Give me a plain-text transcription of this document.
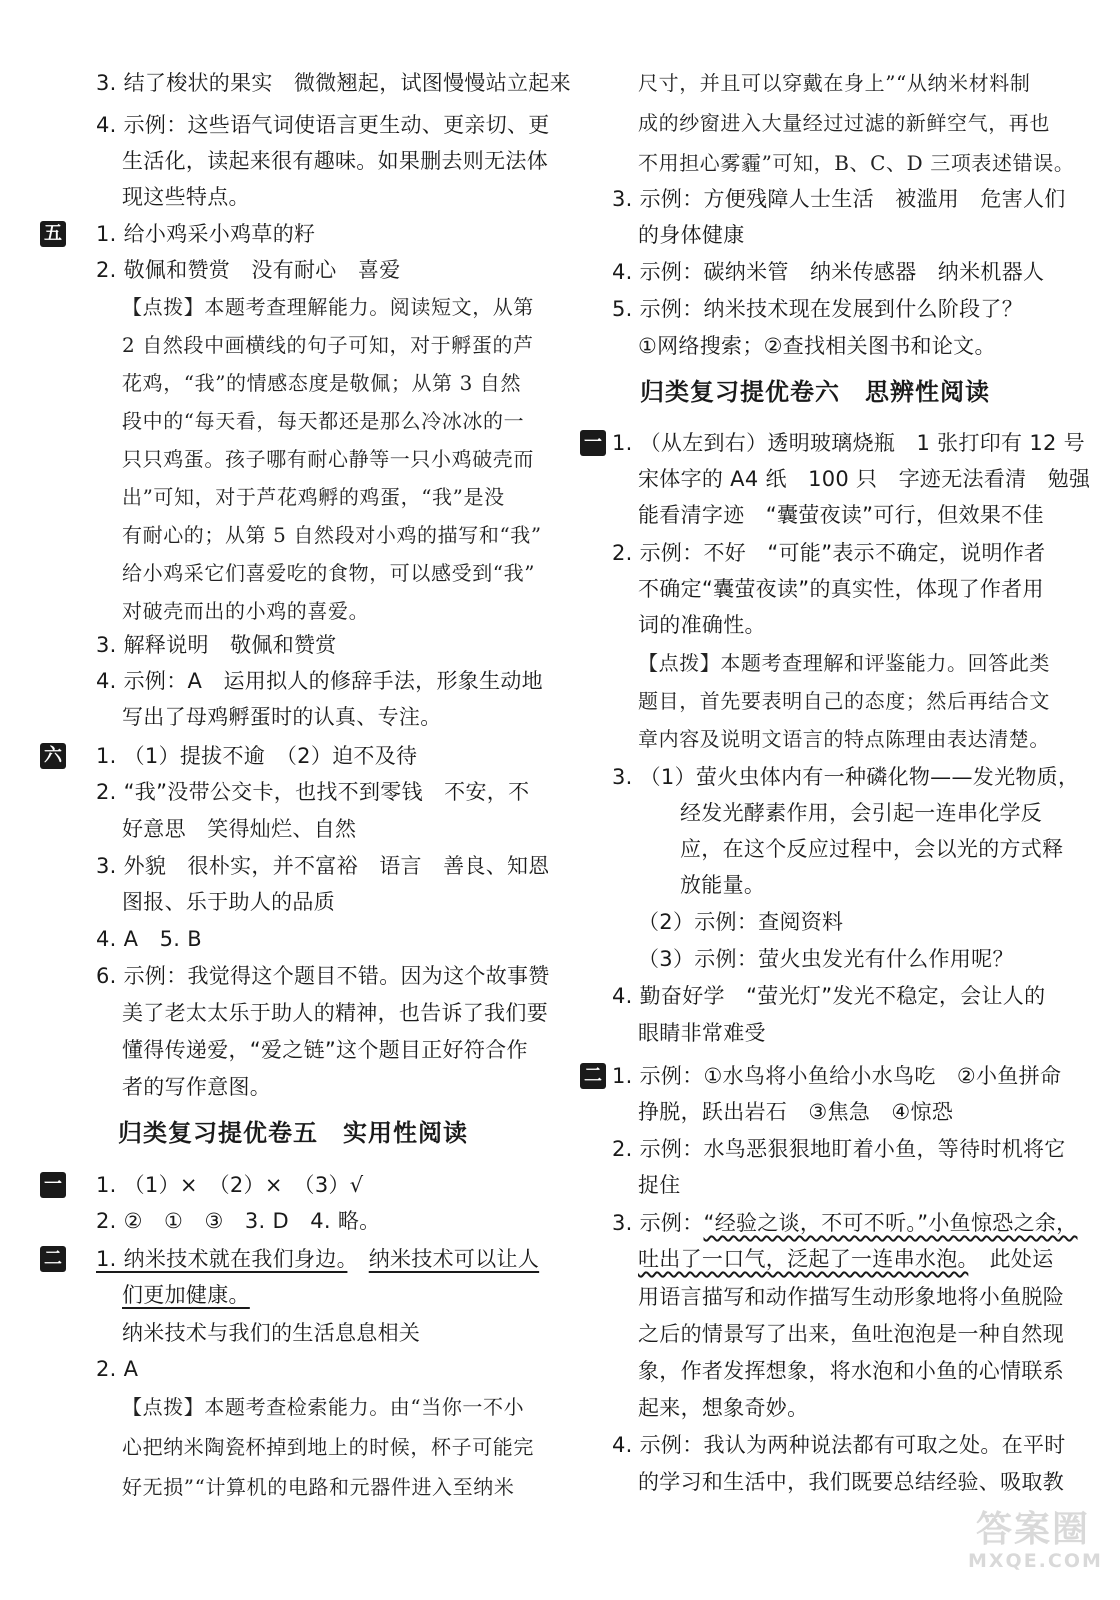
3. 结了梭状的果实　微微翘起，试图慢慢站立起来
4. 示例：这些语气词使语言更生动、更亲切、更
生活化，读起来很有趣味。如果删去则无法体
现这些特点。
五 1. 给小鸡采小鸡草的籽
2. 敬佩和赞赏　没有耐心　喜爱
【点拨】本题考查理解能力。阅读短文，从第
2 自然段中画横线的句子可知，对于孵蛋的芦
花鸡，“我”的情感态度是敬佩；从第 3 自然
段中的“每天看，每天都还是那么冷冰冰的一
只只鸡蛋。孩子哪有耐心静等一只小鸡破壳而
出”可知，对于芦花鸡孵的鸡蛋，“我”是没
有耐心的；从第 5 自然段对小鸡的描写和“我”
给小鸡采它们喜爱吃的食物，可以感受到“我”
对破壳而出的小鸡的喜爱。
3. 解释说明　敬佩和赞赏
4. 示例：A　运用拟人的修辞手法，形象生动地
写出了母鸡孵蛋时的认真、专注。
六 1. （1）提拔不逾　（2）迫不及待
2. “我”没带公交卡，也找不到零钱　不安，不
好意思　笑得灿烂、自然
3. 外貌　很朴实，并不富裕　语言　善良、知恩
图报、乐于助人的品质
4. A　5. B
6. 示例：我觉得这个题目不错。因为这个故事赞
美了老太太乐于助人的精神，也告诉了我们要
懂得传递爱，“爱之链”这个题目正好符合作
者的写作意图。
归类复习提优卷五　实用性阅读
一 1. （1）×　（2）×　（3）√
2. ②　①　③　3. D　4. 略。
二 1. 纳米技术就在我们身边。　 纳米技术可以让人
们更加健康。
纳米技术与我们的生活息息相关
2. A
【点拨】本题考查检索能力。由“当你一不小
心把纳米陶瓷杯掉到地上的时候，杯子可能完
好无损”“计算机的电路和元器件进入至纳米
尺寸，并且可以穿戴在身上”“从纳米材料制
成的纱窗进入大量经过过滤的新鲜空气，再也
不用担心雾霾”可知，B、C、D 三项表述错误。
3. 示例：方便残障人士生活　被滥用　危害人们
的身体健康
4. 示例：碳纳米管　纳米传感器　纳米机器人
5. 示例：纳米技术现在发展到什么阶段了？
①网络搜索；②查找相关图书和论文。
归类复习提优卷六　思辨性阅读
一 1. （从左到右）透明玻璃烧瓶　1 张打印有 12 号
宋体字的 A4 纸　100 只　字迹无法看清　勉强
能看清字迹　“囊萤夜读”可行，但效果不佳
2. 示例：不好　“可能”表示不确定，说明作者
不确定“囊萤夜读”的真实性，体现了作者用
词的准确性。
【点拨】本题考查理解和评鉴能力。回答此类
题目，首先要表明自己的态度；然后再结合文
章内容及说明文语言的特点陈理由表达清楚。
3. （1）萤火虫体内有一种磷化物——发光物质，
经发光酵素作用，会引起一连串化学反
应，在这个反应过程中，会以光的方式释
放能量。
（2）示例：查阅资料
（3）示例：萤火虫发光有什么作用呢？
4. 勤奋好学　“萤光灯”发光不稳定，会让人的
眼睛非常难受
二 1. 示例：①水鸟将小鱼给小水鸟吃　②小鱼拼命
挣脱，跃出岩石　③焦急　④惊恐
2. 示例：水鸟恶狠狠地盯着小鱼，等待时机将它
捉住
3. 示例：“经验之谈，不可不听。”小鱼惊恐之余，
吐出了一口气，泛起了一连串水泡。　 此处运
用语言描写和动作描写生动形象地将小鱼脱险
之后的情景写了出来，鱼吐泡泡是一种自然现
象，作者发挥想象，将水泡和小鱼的心情联系
起来，想象奇妙。
4. 示例：我认为两种说法都有可取之处。在平时
的学习和生活中，我们既要总结经验、吸取教
答案圈
MXQE.COM
